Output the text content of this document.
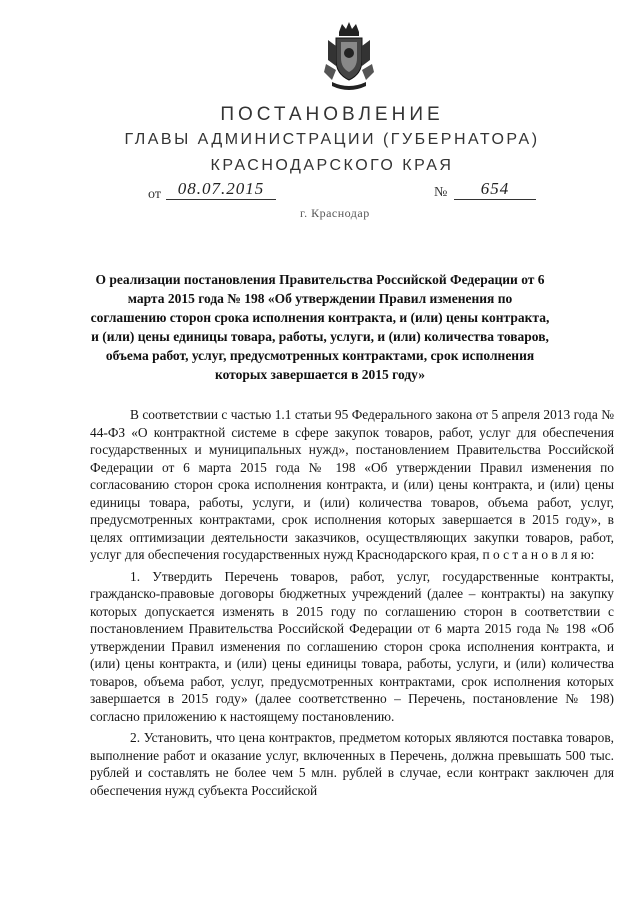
ПОСТАНОВЛЕНИЕ
ГЛАВЫ АДМИНИСТРАЦИИ (ГУБЕРНАТОРА)
КРАСНОДАРСКОГО КРАЯ
от 08.07.2015	№	654
г. Краснодар
О реализации постановления Правительства Российской Федерации от 6 марта 2015 года № 198 «Об утверждении Правил изменения по соглашению сторон срока исполнения контракта, и (или) цены контракта, и (или) цены единицы товара, работы, услуги, и (или) количества товаров, объема работ, услуг, предусмотренных контрактами, срок исполнения которых завершается в 2015 году»

В соответствии с частью 1.1 статьи 95 Федерального закона от 5 апреля 2013 года № 44-ФЗ «О контрактной системе в сфере закупок товаров, работ, услуг для обеспечения государственных и муниципальных нужд», постановлением Правительства Российской Федерации от 6 марта 2015 года № 198 «Об утверждении Правил изменения по согласованию сторон срока исполнения контракта, и (или) цены контракта, и (или) цены единицы товара, работы, услуги, и (или) количества товаров, объема работ, услуг, предусмотренных контрактами, срок исполнения которых завершается в 2015 году», в целях оптимизации деятельности заказчиков, осуществляющих закупки товаров, работ, услуг для обеспечения государственных нужд Краснодарского края, п о с т а н о в л я ю:

1. Утвердить Перечень товаров, работ, услуг, государственные контракты, гражданско-правовые договоры бюджетных учреждений (далее – контракты) на закупку которых допускается изменять в 2015 году по соглашению сторон в соответствии с постановлением Правительства Российской Федерации от 6 марта 2015 года № 198 «Об утверждении Правил изменения по соглашению сторон срока исполнения контракта, и (или) цены контракта, и (или) цены единицы товара, работы, услуги, и (или) количества товаров, объема работ, услуг, предусмотренных контрактами, срок исполнения которых завершается в 2015 году» (далее соответственно – Перечень, постановление № 198) согласно приложению к настоящему постановлению.

2. Установить, что цена контрактов, предметом которых являются поставка товаров, выполнение работ и оказание услуг, включенных в Перечень, должна превышать 500 тыс. рублей и составлять не более чем 5 млн. рублей в случае, если контракт заключен для обеспечения нужд субъекта Российской
